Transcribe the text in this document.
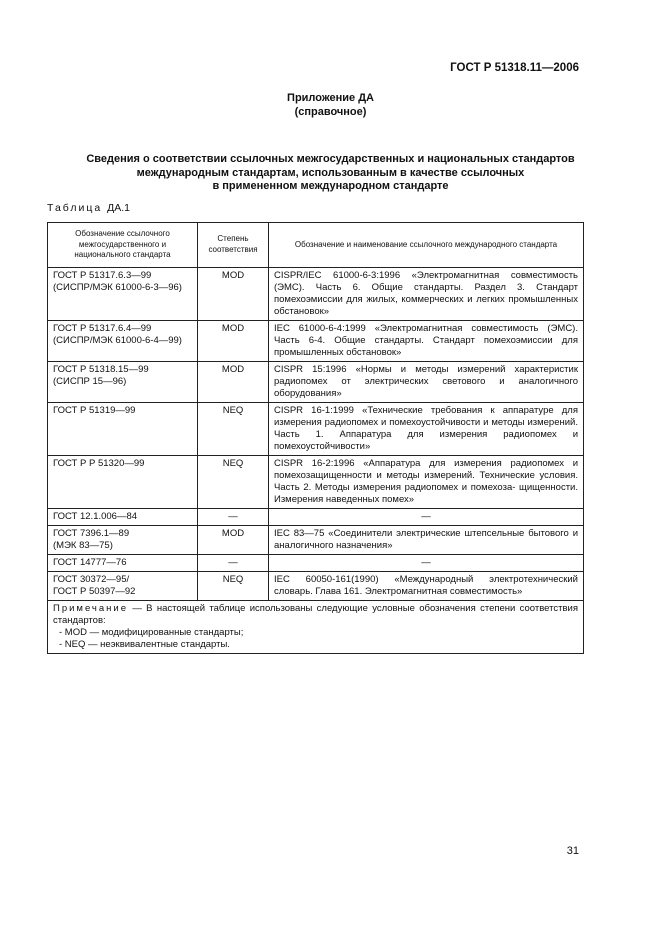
ГОСТ Р 51318.11—2006
Приложение ДА
(справочное)
Сведения о соответствии ссылочных межгосударственных и национальных стандартов
международным стандартам, использованным в качестве ссылочных
в примененном международном стандарте
Таблица ДА.1
Обозначение ссылочного межгосударственного и национального стандарта	Степень соответствия	Обозначение и наименование ссылочного международного стандарта

ГОСТ Р 51317.6.3—99
(СИСПР/МЭК 61000-6-3—96)	MOD	CISPR/IEC 61000-6-3:1996 «Электромагнитная совместимость (ЭМС). Часть 6. Общие стандарты. Раздел 3. Стандарт помехоэмиссии для жилых, коммерческих и легких промышленных обстановок»

ГОСТ Р 51317.6.4—99
(СИСПР/МЭК 61000-6-4—99)	MOD	IEC 61000-6-4:1999 «Электромагнитная совместимость (ЭМС). Часть 6-4. Общие стандарты. Стандарт помехоэмиссии для промышленных обстановок»

ГОСТ Р 51318.15—99
(СИСПР 15—96)	MOD	CISPR 15:1996 «Нормы и методы измерений характеристик радиопомех от электрических светового и аналогичного оборудования»

ГОСТ Р 51319—99	NEQ	CISPR 16-1:1999 «Технические требования к аппаратуре для измерения радиопомех и помехоустойчивости и методы измерений. Часть 1. Аппаратура для измерения радиопомех и помехоустойчивости»

ГОСТ Р Р 51320—99	NEQ	CISPR 16-2:1996 «Аппаратура для измерения радиопомех и помехозащищенности и методы измерений. Технические условия. Часть 2. Методы измерения радиопомех и помехоза- щищенности. Измерения наведенных помех»

ГОСТ 12.1.006—84	—	—

ГОСТ 7396.1—89
(МЭК 83—75)	MOD	IEC 83—75 «Соединители электрические штепсельные бытового и аналогичного назначения»

ГОСТ 14777—76	—	—

ГОСТ 30372—95/
ГОСТ Р 50397—92	NEQ	IEC 60050-161(1990) «Международный электротехнический словарь. Глава 161. Электромагнитная совместимость»

Примечание — В настоящей таблице использованы следующие условные обозначения степени соответствия стандартов:
- MOD — модифицированные стандарты;
- NEQ — неэквивалентные стандарты.		
31
